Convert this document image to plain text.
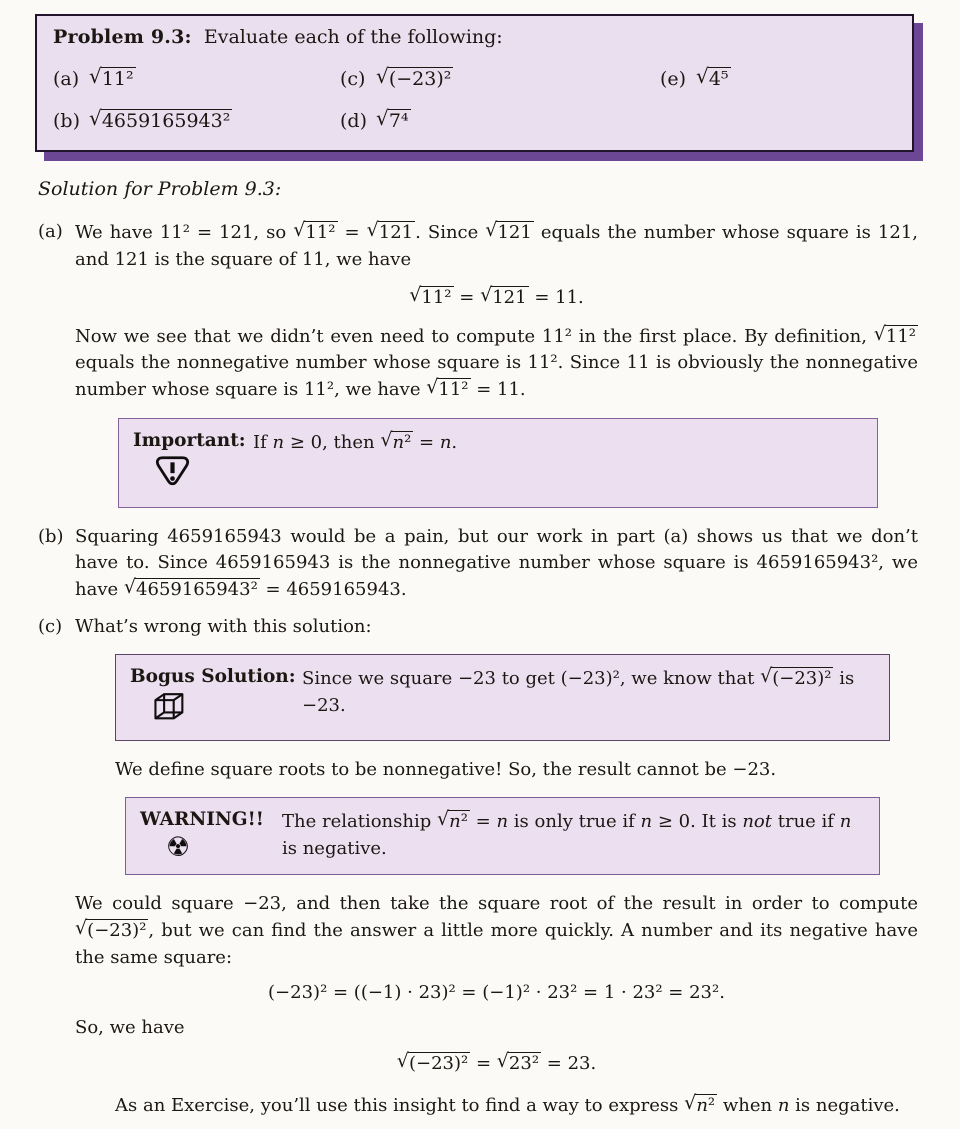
Problem 9.3: Evaluate each of the following:

(a) √11²	(c) √(−23)²	(e) √4⁵
(b) √4659165943²	(d) √7⁴

Solution for Problem 9.3:

(a) We have 11² = 121, so √11² = √121 . Since √121 equals the number whose square is 121, and 121 is the square of 11, we have

√11² = √121 = 11.

Now we see that we didn’t even need to compute 11² in the first place. By definition, √11² equals the nonnegative number whose square is 11². Since 11 is obviously the nonnegative number whose square is 11², we have √11² = 11.

Important: If n ≥ 0, then √n² = n.
(b) Squaring 4659165943 would be a pain, but our work in part (a) shows us that we don’t have to. Since 4659165943 is the nonnegative number whose square is 4659165943², we have √4659165943² = 4659165943.

(c) What’s wrong with this solution:

Bogus Solution: Since we square −23 to get (−23)², we know that √(−23)² is −23.

We define square roots to be nonnegative! So, the result cannot be −23.

WARNING!!
☢
The relationship √n² = n is only true if n ≥ 0. It is not true if n is negative.

We could square −23, and then take the square root of the result in order to compute √(−23)² , but we can find the answer a little more quickly. A number and its negative have the same square:

(−23)² = ((−1) · 23)² = (−1)² · 23² = 1 · 23² = 23².

So, we have

√(−23)² = √23² = 23.

As an Exercise, you’ll use this insight to find a way to express √n² when n is negative.
